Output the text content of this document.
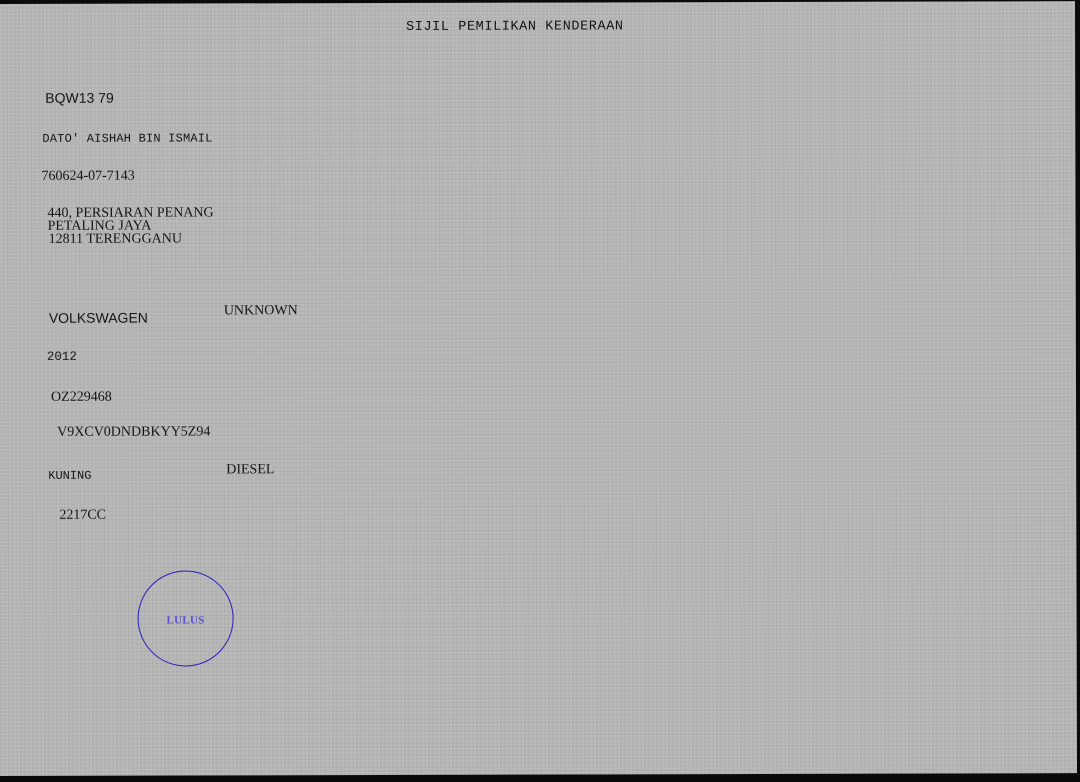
SIJIL PEMILIKAN KENDERAAN
BQW13 79
DATO' AISHAH BIN ISMAIL
760624-07-7143
440, PERSIARAN PENANG
PETALING JAYA
12811 TERENGGANU
VOLKSWAGEN	UNKNOWN
2012
OZ229468
V9XCV0DNDBKYY5Z94
KUNING	DIESEL
2217CC
LULUS
